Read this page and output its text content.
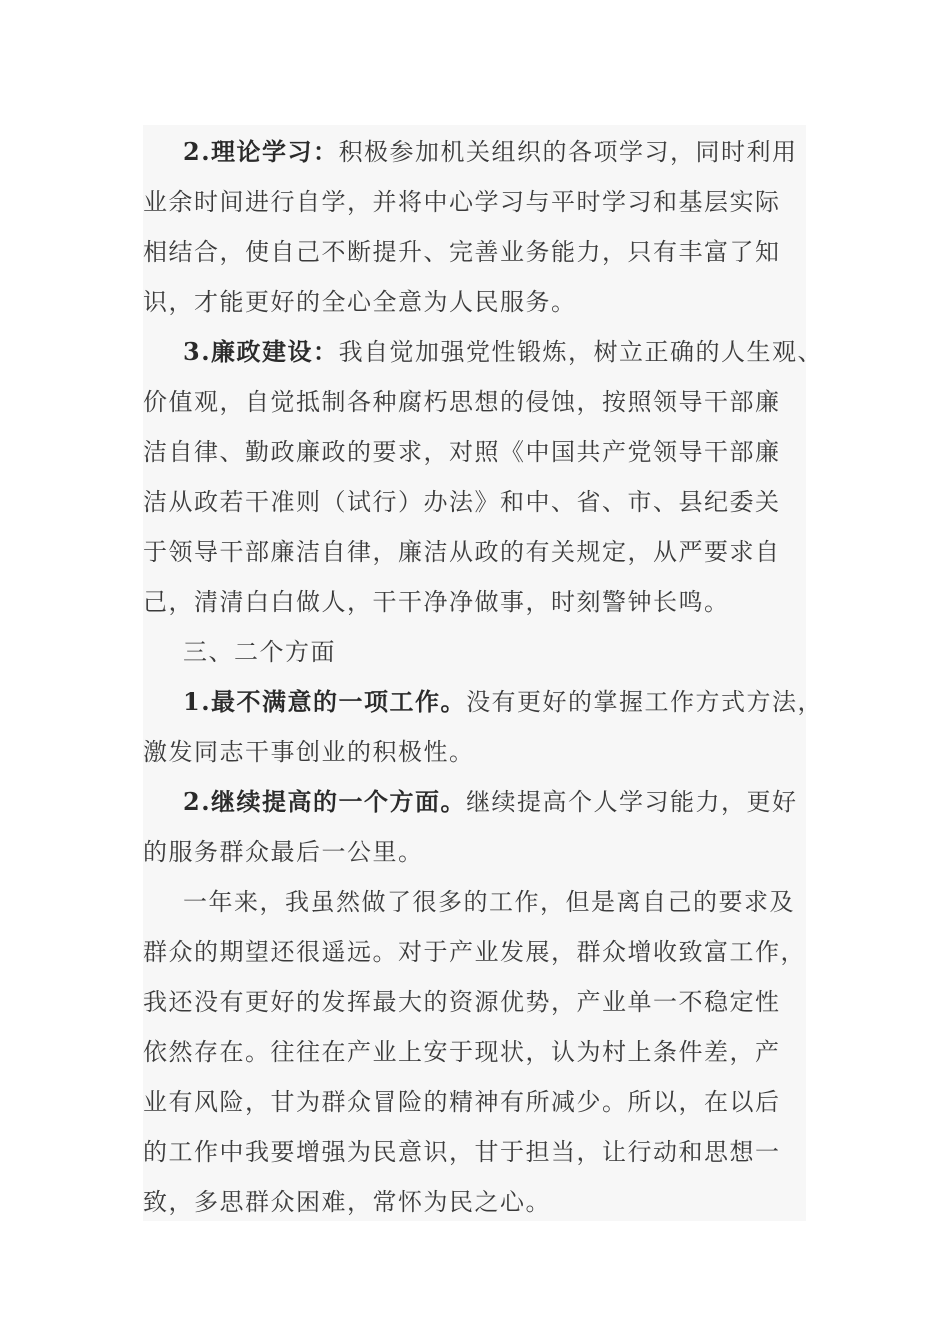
2.理论学习：积极参加机关组织的各项学习，同时利用
业余时间进行自学，并将中心学习与平时学习和基层实际
相结合，使自己不断提升、完善业务能力，只有丰富了知
识，才能更好的全心全意为人民服务。

3.廉政建设：我自觉加强党性锻炼，树立正确的人生观、
价值观，自觉抵制各种腐朽思想的侵蚀，按照领导干部廉
洁自律、勤政廉政的要求，对照《中国共产党领导干部廉
洁从政若干准则（试行）办法》和中、省、市、县纪委关
于领导干部廉洁自律，廉洁从政的有关规定，从严要求自
己，清清白白做人，干干净净做事，时刻警钟长鸣。

三、二个方面

1.最不满意的一项工作。没有更好的掌握工作方式方法，
激发同志干事创业的积极性。

2.继续提高的一个方面。继续提高个人学习能力，更好
的服务群众最后一公里。

一年来，我虽然做了很多的工作，但是离自己的要求及
群众的期望还很遥远。对于产业发展，群众增收致富工作，
我还没有更好的发挥最大的资源优势，产业单一不稳定性
依然存在。往往在产业上安于现状，认为村上条件差，产
业有风险，甘为群众冒险的精神有所减少。所以，在以后
的工作中我要增强为民意识，甘于担当，让行动和思想一
致，多思群众困难，常怀为民之心。
